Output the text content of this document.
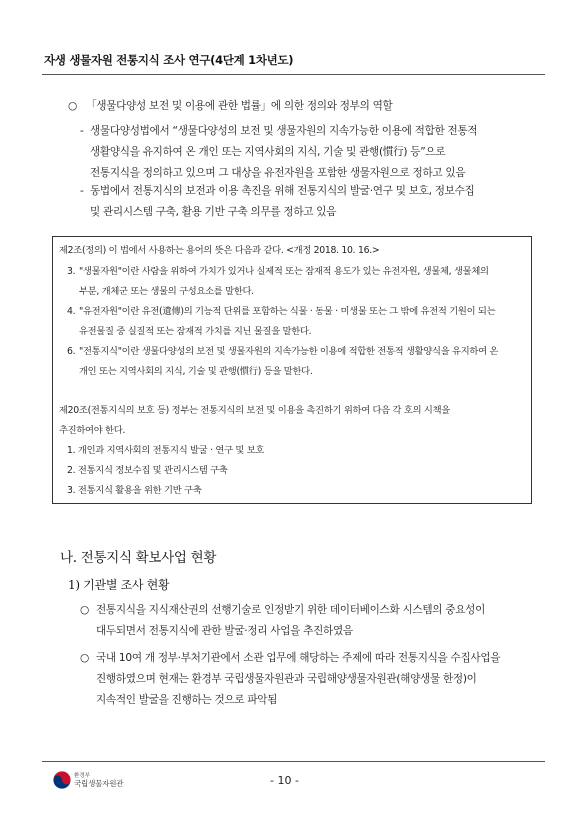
자생 생물자원 전통지식 조사 연구(4단계 1차년도)
○ 「생물다양성 보전 및 이용에 관한 법률」에 의한 정의와 정부의 역할
- 생물다양성법에서 “생물다양성의 보전 및 생물자원의 지속가능한 이용에 적합한 전통적
생활양식을 유지하여 온 개인 또는 지역사회의 지식, 기술 및 관행(慣行) 등”으로
전통지식을 정의하고 있으며 그 대상을 유전자원을 포함한 생물자원으로 정하고 있음
- 동법에서 전통지식의 보전과 이용 촉진을 위해 전통지식의 발굴·연구 및 보호, 정보수집
및 관리시스템 구축, 활용 기반 구축 의무를 정하고 있음
제2조(정의) 이 법에서 사용하는 용어의 뜻은 다음과 같다. <개정 2018. 10. 16.>
3. "생물자원"이란 사람을 위하여 가치가 있거나 실제적 또는 잠재적 용도가 있는 유전자원, 생물체, 생물체의
부분, 개체군 또는 생물의 구성요소를 말한다.
4. "유전자원"이란 유전(遺傳)의 기능적 단위를 포함하는 식물 · 동물 · 미생물 또는 그 밖에 유전적 기원이 되는
유전물질 중 실질적 또는 잠재적 가치를 지닌 물질을 말한다.
6. "전통지식"이란 생물다양성의 보전 및 생물자원의 지속가능한 이용에 적합한 전통적 생활양식을 유지하여 온
개인 또는 지역사회의 지식, 기술 및 관행(慣行) 등을 말한다.
제20조(전통지식의 보호 등) 정부는 전통지식의 보전 및 이용을 촉진하기 위하여 다음 각 호의 시책을
추진하여야 한다.
1. 개인과 지역사회의 전통지식 발굴 · 연구 및 보호
2. 전통지식 정보수집 및 관리시스템 구축
3. 전통지식 활용을 위한 기반 구축
나. 전통지식 확보사업 현황
1) 기관별 조사 현황
○ 전통지식을 지식재산권의 선행기술로 인정받기 위한 데이터베이스화 시스템의 중요성이
대두되면서 전통지식에 관한 발굴·정리 사업을 추진하였음
○ 국내 10여 개 정부·부처기관에서 소관 업무에 해당하는 주제에 따라 전통지식을 수집사업을
진행하였으며 현재는 환경부 국립생물자원관과 국립해양생물자원관(해양생물 한정)이
지속적인 발굴을 진행하는 것으로 파악됨
환경부
국립생물자원관	- 10 -
